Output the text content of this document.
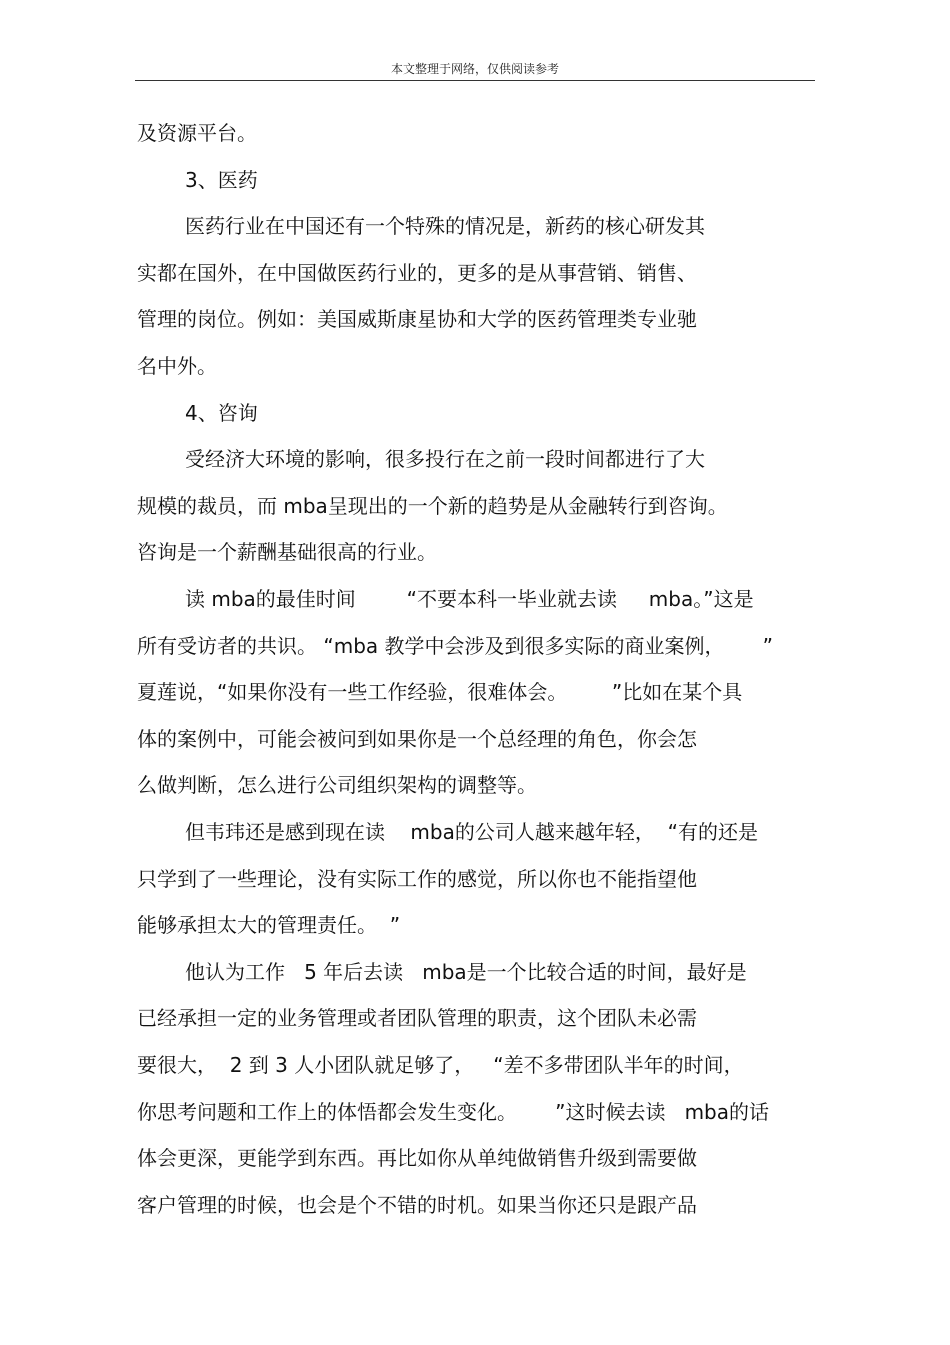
本文整理于网络，仅供阅读参考
及资源平台。
3、医药
医药行业在中国还有一个特殊的情况是，新药的核心研发其
实都在国外，在中国做医药行业的，更多的是从事营销、销售、
管理的岗位。例如：美国威斯康星协和大学的医药管理类专业驰
名中外。
4、咨询
受经济大环境的影响，很多投行在之前一段时间都进行了大
规模的裁员，而 mba呈现出的一个新的趋势是从金融转行到咨询。
咨询是一个薪酬基础很高的行业。
读 mba的最佳时间        “不要本科一毕业就去读     mba。”这是
所有受访者的共识。 “mba 教学中会涉及到很多实际的商业案例，      ”
夏莲说，“如果你没有一些工作经验，很难体会。       ”比如在某个具
体的案例中，可能会被问到如果你是一个总经理的角色，你会怎
么做判断，怎么进行公司组织架构的调整等。
但韦玮还是感到现在读    mba的公司人越来越年轻，  “有的还是
只学到了一些理论，没有实际工作的感觉，所以你也不能指望他
能够承担太大的管理责任。  ”
他认为工作   5 年后去读   mba是一个比较合适的时间，最好是
已经承担一定的业务管理或者团队管理的职责，这个团队未必需
要很大，  2 到 3 人小团队就足够了，   “差不多带团队半年的时间，
你思考问题和工作上的体悟都会发生变化。      ”这时候去读   mba的话
体会更深，更能学到东西。再比如你从单纯做销售升级到需要做
客户管理的时候，也会是个不错的时机。如果当你还只是跟产品
